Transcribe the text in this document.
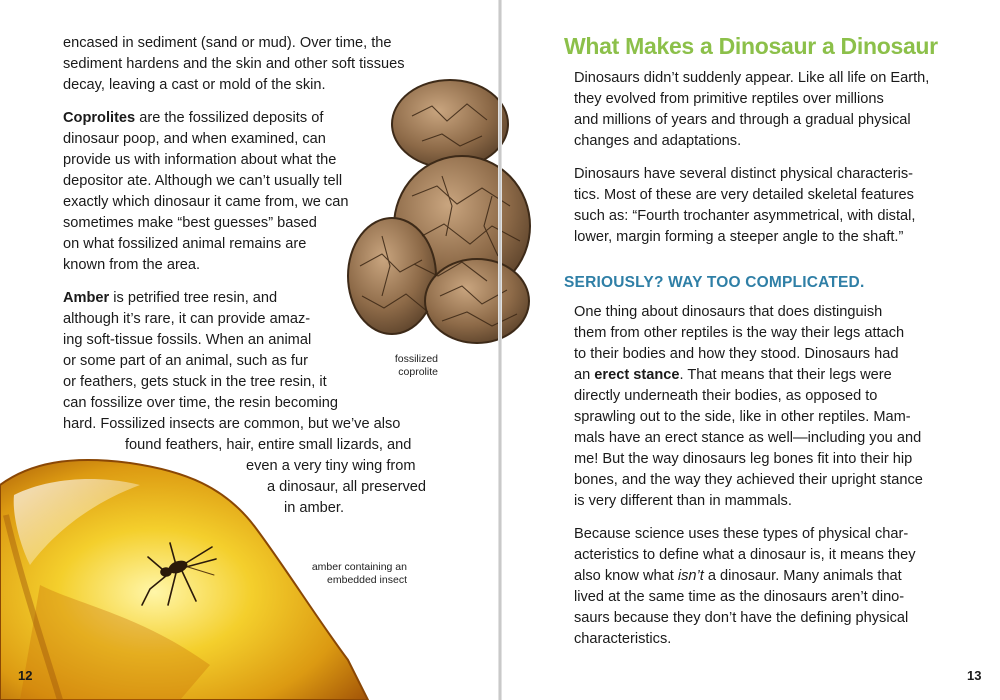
encased in sediment (sand or mud). Over time, the
sediment hardens and the skin and other soft tissues
decay, leaving a cast or mold of the skin.
Coprolites are the fossilized deposits of
dinosaur poop, and when examined, can
provide us with information about what the
depositor ate. Although we can’t usually tell
exactly which dinosaur it came from, we can
sometimes make “best guesses” based
on what fossilized animal remains are
known from the area.
Amber is petrified tree resin, and
although it’s rare, it can provide amaz-
ing soft-tissue fossils. When an animal
or some part of an animal, such as fur
or feathers, gets stuck in the tree resin, it
can fossilize over time, the resin becoming
hard. Fossilized insects are common, but we’ve also
found feathers, hair, entire small lizards, and
even a very tiny wing from
a dinosaur, all preserved
in amber.
fossilized
coprolite
amber containing an
embedded insect
12
What Makes a Dinosaur a Dinosaur
Dinosaurs didn’t suddenly appear. Like all life on Earth,
they evolved from primitive reptiles over millions
and millions of years and through a gradual physical
changes and adaptations.
Dinosaurs have several distinct physical characteris-
tics. Most of these are very detailed skeletal features
such as: “Fourth trochanter asymmetrical, with distal,
lower, margin forming a steeper angle to the shaft.”
SERIOUSLY? WAY TOO COMPLICATED.
One thing about dinosaurs that does distinguish
them from other reptiles is the way their legs attach
to their bodies and how they stood. Dinosaurs had
an erect stance. That means that their legs were
directly underneath their bodies, as opposed to
sprawling out to the side, like in other reptiles. Mam-
mals have an erect stance as well—including you and
me! But the way dinosaurs leg bones fit into their hip
bones, and the way they achieved their upright stance
is very different than in mammals.
Because science uses these types of physical char-
acteristics to define what a dinosaur is, it means they
also know what isn’t a dinosaur. Many animals that
lived at the same time as the dinosaurs aren’t dino-
saurs because they don’t have the defining physical
characteristics.
13
